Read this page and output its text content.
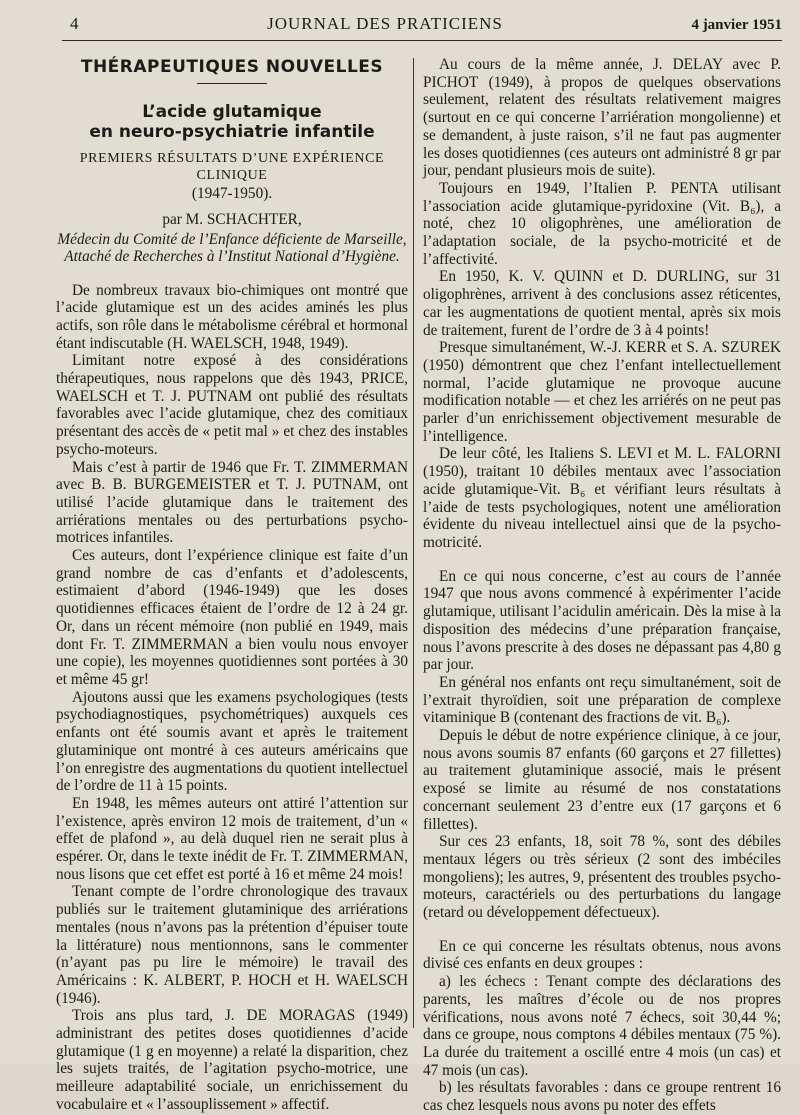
4	JOURNAL DES PRATICIENS	4 janvier 1951
THÉRAPEUTIQUES NOUVELLES
L’acide glutamique
en neuro-psychiatrie infantile

PREMIERS RÉSULTATS D’UNE EXPÉRIENCE CLINIQUE

(1947-1950).
par M. SCHACHTER,
Médecin du Comité de l’Enfance déficiente de Marseille,
Attaché de Recherches à l’Institut National d’Hygiène.

De nombreux travaux bio-chimiques ont montré que l’acide glutamique est un des acides aminés les plus actifs, son rôle dans le métabolisme cérébral et hormonal étant indiscutable (H. WAELSCH, 1948, 1949).

Limitant notre exposé à des considérations thérapeutiques, nous rappelons que dès 1943, PRICE, WAELSCH et T. J. PUTNAM ont publié des résultats favorables avec l’acide glutamique, chez des comitiaux présentant des accès de « petit mal » et chez des instables psycho-moteurs.

Mais c’est à partir de 1946 que Fr. T. ZIMMERMAN avec B. B. BURGEMEISTER et T. J. PUTNAM, ont utilisé l’acide glutamique dans le traitement des arriérations mentales ou des perturbations psycho-motrices infantiles.

Ces auteurs, dont l’expérience clinique est faite d’un grand nombre de cas d’enfants et d’adolescents, estimaient d’abord (1946-1949) que les doses quotidiennes efficaces étaient de l’ordre de 12 à 24 gr. Or, dans un récent mémoire (non publié en 1949, mais dont Fr. T. ZIMMERMAN a bien voulu nous envoyer une copie), les moyennes quotidiennes sont portées à 30 et même 45 gr!

Ajoutons aussi que les examens psychologiques (tests psychodiagnostiques, psychométriques) auxquels ces enfants ont été soumis avant et après le traitement glutaminique ont montré à ces auteurs américains que l’on enregistre des augmentations du quotient intellectuel de l’ordre de 11 à 15 points.

En 1948, les mêmes auteurs ont attiré l’attention sur l’existence, après environ 12 mois de traitement, d’un « effet de plafond », au delà duquel rien ne serait plus à espérer. Or, dans le texte inédit de Fr. T. ZIMMERMAN, nous lisons que cet effet est porté à 16 et même 24 mois!

Tenant compte de l’ordre chronologique des travaux publiés sur le traitement glutaminique des arriérations mentales (nous n’avons pas la prétention d’épuiser toute la littérature) nous mentionnons, sans le commenter (n’ayant pas pu lire le mémoire) le travail des Américains : K. ALBERT, P. HOCH et H. WAELSCH (1946).

Trois ans plus tard, J. DE MORAGAS (1949) administrant des petites doses quotidiennes d’acide glutamique (1 g en moyenne) a relaté la disparition, chez les sujets traités, de l’agitation psycho-motrice, une meilleure adaptabilité sociale, un enrichissement du vocabulaire et « l’assouplissement » affectif.

Au cours de la même année, J. DELAY avec P. PICHOT (1949), à propos de quelques observations seulement, relatent des résultats relativement maigres (surtout en ce qui concerne l’arriération mongolienne) et se demandent, à juste raison, s’il ne faut pas augmenter les doses quotidiennes (ces auteurs ont administré 8 gr par jour, pendant plusieurs mois de suite).

Toujours en 1949, l’Italien P. PENTA utilisant l’association acide glutamique-pyridoxine (Vit. B₆), a noté, chez 10 oligophrènes, une amélioration de l’adaptation sociale, de la psycho-motricité et de l’affectivité.

En 1950, K. V. QUINN et D. DURLING, sur 31 oligophrènes, arrivent à des conclusions assez réticentes, car les augmentations de quotient mental, après six mois de traitement, furent de l’ordre de 3 à 4 points!

Presque simultanément, W.-J. KERR et S. A. SZUREK (1950) démontrent que chez l’enfant intellectuellement normal, l’acide glutamique ne provoque aucune modification notable — et chez les arriérés on ne peut pas parler d’un enrichissement objectivement mesurable de l’intelligence.

De leur côté, les Italiens S. LEVI et M. L. FALORNI (1950), traitant 10 débiles mentaux avec l’association acide glutamique-Vit. B₆ et vérifiant leurs résultats à l’aide de tests psychologiques, notent une amélioration évidente du niveau intellectuel ainsi que de la psycho-motricité.

En ce qui nous concerne, c’est au cours de l’année 1947 que nous avons commencé à expérimenter l’acide glutamique, utilisant l’acidulin américain. Dès la mise à la disposition des médecins d’une préparation française, nous l’avons prescrite à des doses ne dépassant pas 4,80 g par jour.

En général nos enfants ont reçu simultanément, soit de l’extrait thyroïdien, soit une préparation de complexe vitaminique B (contenant des fractions de vit. B₆).

Depuis le début de notre expérience clinique, à ce jour, nous avons soumis 87 enfants (60 garçons et 27 fillettes) au traitement glutaminique associé, mais le présent exposé se limite au résumé de nos constatations concernant seulement 23 d’entre eux (17 garçons et 6 fillettes).

Sur ces 23 enfants, 18, soit 78 %, sont des débiles mentaux légers ou très sérieux (2 sont des imbéciles mongoliens); les autres, 9, présentent des troubles psycho-moteurs, caractériels ou des perturbations du langage (retard ou développement défectueux).

En ce qui concerne les résultats obtenus, nous avons divisé ces enfants en deux groupes :

a) les échecs : Tenant compte des déclarations des parents, les maîtres d’école ou de nos propres vérifications, nous avons noté 7 échecs, soit 30,44 %; dans ce groupe, nous comptons 4 débiles mentaux (75 %). La durée du traitement a oscillé entre 4 mois (un cas) et 47 mois (un cas).

b) les résultats favorables : dans ce groupe rentrent 16 cas chez lesquels nous avons pu noter des effets
